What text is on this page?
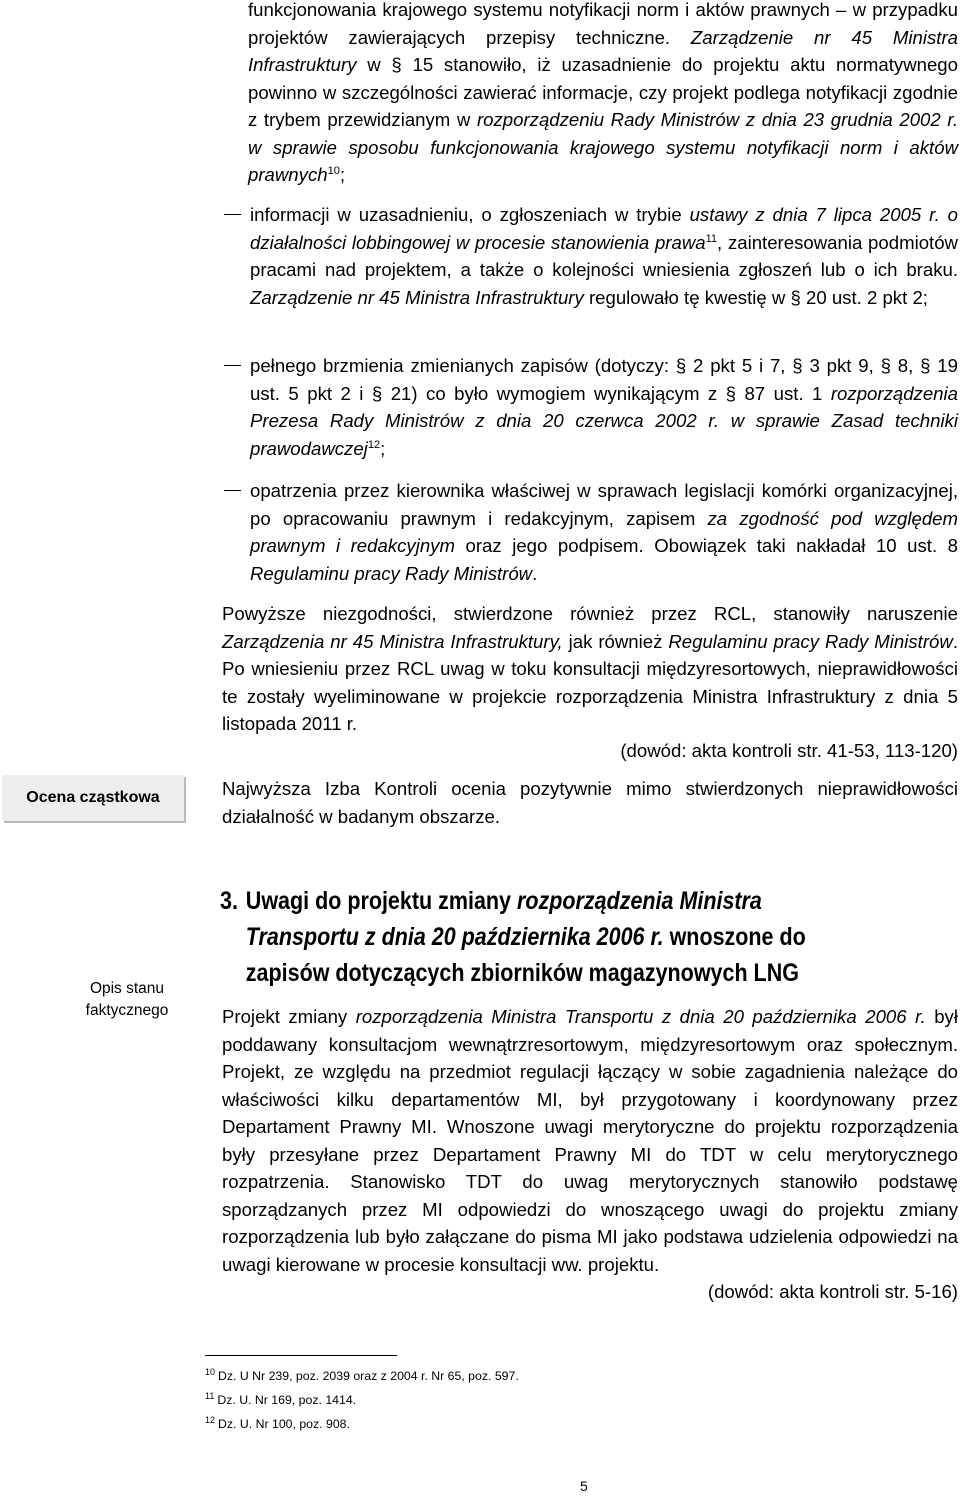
funkcjonowania krajowego systemu notyfikacji norm i aktów prawnych – w przypadku projektów zawierających przepisy techniczne. Zarządzenie nr 45 Ministra Infrastruktury w § 15 stanowiło, iż uzasadnienie do projektu aktu normatywnego powinno w szczególności zawierać informacje, czy projekt podlega notyfikacji zgodnie z trybem przewidzianym w rozporządzeniu Rady Ministrów z dnia 23 grudnia 2002 r. w sprawie sposobu funkcjonowania krajowego systemu notyfikacji norm i aktów prawnych$^{10}$;

informacji w uzasadnieniu, o zgłoszeniach w trybie ustawy z dnia 7 lipca 2005 r. o działalności lobbingowej w procesie stanowienia prawa$^{11}$, zainteresowania podmiotów pracami nad projektem, a także o kolejności wniesienia zgłoszeń lub o ich braku. Zarządzenie nr 45 Ministra Infrastruktury regulowało tę kwestię w § 20 ust. 2 pkt 2;

pełnego brzmienia zmienianych zapisów (dotyczy: § 2 pkt 5 i 7, § 3 pkt 9, § 8, § 19 ust. 5 pkt 2 i § 21) co było wymogiem wynikającym z § 87 ust. 1 rozporządzenia Prezesa Rady Ministrów z dnia 20 czerwca 2002 r. w sprawie Zasad techniki prawodawczej$^{12}$;

opatrzenia przez kierownika właściwej w sprawach legislacji komórki organizacyjnej, po opracowaniu prawnym i redakcyjnym, zapisem za zgodność pod względem prawnym i redakcyjnym oraz jego podpisem. Obowiązek taki nakładał 10 ust. 8 Regulaminu pracy Rady Ministrów.

Powyższe niezgodności, stwierdzone również przez RCL, stanowiły naruszenie Zarządzenia nr 45 Ministra Infrastruktury, jak również Regulaminu pracy Rady Ministrów. Po wniesieniu przez RCL uwag w toku konsultacji międzyresortowych, nieprawidłowości te zostały wyeliminowane w projekcie rozporządzenia Ministra Infrastruktury z dnia 5 listopada 2011 r.

(dowód: akta kontroli str. 41-53, 113-120)

Ocena cząstkowa	Najwyższa Izba Kontroli ocenia pozytywnie mimo stwierdzonych nieprawidłowości działalność w badanym obszarze.

3. Uwagi do projektu zmiany rozporządzenia Ministra
Transportu z dnia 20 października 2006 r. wnoszone do
zapisów dotyczących zbiorników magazynowych LNG
Opis stanu faktycznego	Projekt zmiany rozporządzenia Ministra Transportu z dnia 20 października 2006 r. był poddawany konsultacjom wewnątrzresortowym, międzyresortowym oraz społecznym. Projekt, ze względu na przedmiot regulacji łączący w sobie zagadnienia należące do właściwości kilku departamentów MI, był przygotowany i koordynowany przez Departament Prawny MI. Wnoszone uwagi merytoryczne do projektu rozporządzenia były przesyłane przez Departament Prawny MI do TDT w celu merytorycznego rozpatrzenia. Stanowisko TDT do uwag merytorycznych stanowiło podstawę sporządzanych przez MI odpowiedzi do wnoszącego uwagi do projektu zmiany rozporządzenia lub było załączane do pisma MI jako podstawa udzielenia odpowiedzi na uwagi kierowane w procesie konsultacji ww. projektu.

(dowód: akta kontroli str. 5-16)

$^{10}$ Dz. U Nr 239, poz. 2039 oraz z 2004 r. Nr 65, poz. 597.
$^{11}$ Dz. U. Nr 169, poz. 1414.
$^{12}$ Dz. U. Nr 100, poz. 908.
5
